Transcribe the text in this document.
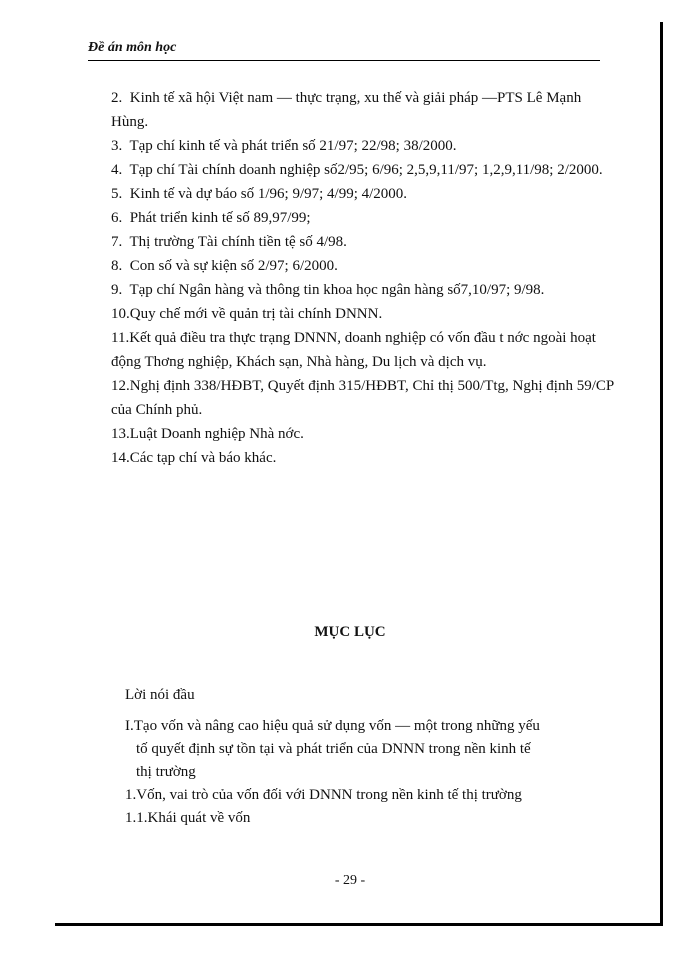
Đề án môn học

2. Kinh tế xã hội Việt nam — thực trạng, xu thế và giải pháp —PTS Lê Mạnh Hùng.

3. Tạp chí kinh tế và phát triển số 21/97; 22/98; 38/2000.

4. Tạp chí Tài chính doanh nghiệp số2/95; 6/96; 2,5,9,11/97; 1,2,9,11/98; 2/2000.

5. Kinh tế và dự báo số 1/96; 9/97; 4/99; 4/2000.

6. Phát triển kinh tế số 89,97/99;

7. Thị trường Tài chính tiền tệ số 4/98.

8. Con số và sự kiện số 2/97; 6/2000.

9. Tạp chí Ngân hàng và thông tin khoa học ngân hàng số7,10/97; 9/98.

10.Quy chế mới về quản trị tài chính DNNN.

11.Kết quả điều tra thực trạng DNNN, doanh nghiệp có vốn đầu t nớc ngoài hoạt động Thơng nghiệp, Khách sạn, Nhà hàng, Du lịch và dịch vụ.

12.Nghị định 338/HĐBT, Quyết định 315/HĐBT, Chỉ thị 500/Ttg, Nghị định 59/CP của Chính phủ.

13.Luật Doanh nghiệp Nhà nớc.

14.Các tạp chí và báo khác.

MỤC LỤC

Lời nói đầu

I.Tạo vốn và nâng cao hiệu quả sử dụng vốn — một trong những yếu tố quyết định sự tồn tại và phát triển của DNNN trong nền kinh tế thị trường

1.Vốn, vai trò của vốn đối với DNNN trong nền kinh tế thị trường

1.1.Khái quát về vốn

- 29 -
